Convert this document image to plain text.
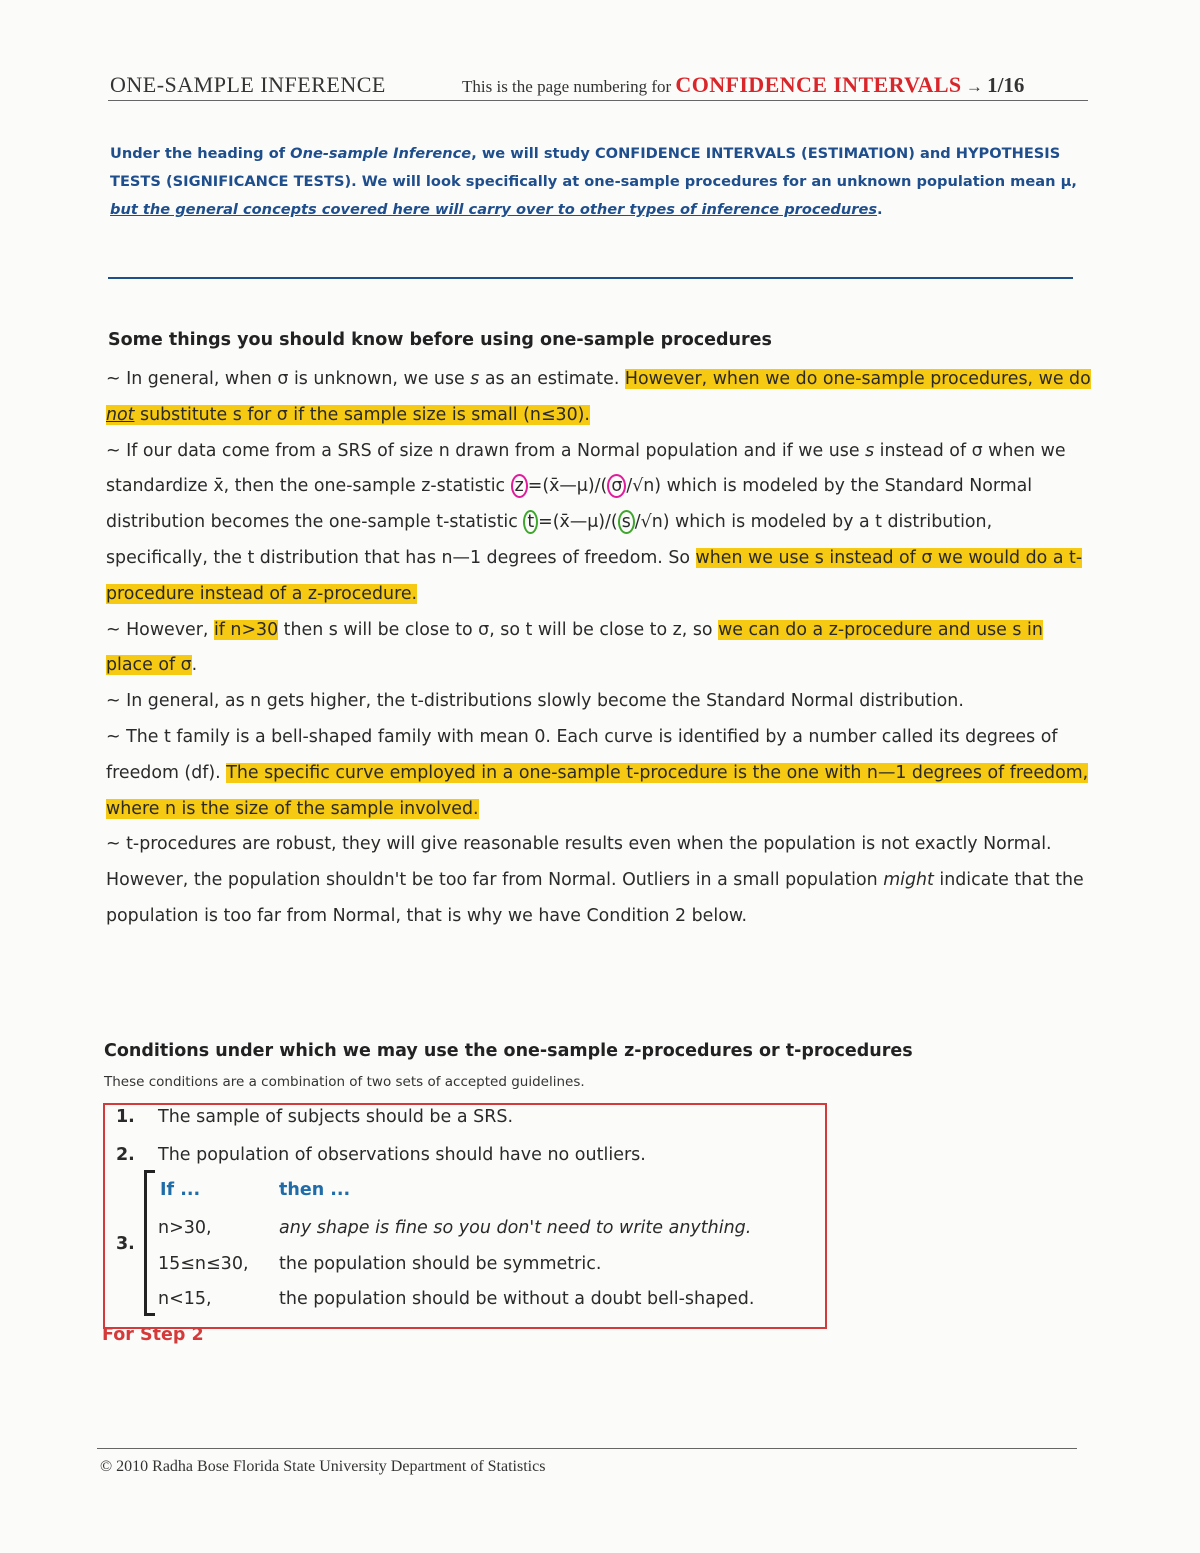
ONE-SAMPLE INFERENCE	This is the page numbering for CONFIDENCE INTERVALS → 1/16
Under the heading of One-sample Inference, we will study CONFIDENCE INTERVALS (ESTIMATION) and HYPOTHESIS TESTS (SIGNIFICANCE TESTS). We will look specifically at one-sample procedures for an unknown population mean μ, but the general concepts covered here will carry over to other types of inference procedures.
Some things you should know before using one-sample procedures

~ In general, when σ is unknown, we use s as an estimate. However, when we do one-sample procedures, we do not substitute s for σ if the sample size is small (n≤30).

~ If our data come from a SRS of size n drawn from a Normal population and if we use s instead of σ when we standardize x̄, then the one-sample z-statistic z =(x̄—μ)/( σ /√n) which is modeled by the Standard Normal distribution becomes the one-sample t-statistic t =(x̄—μ)/( s /√n) which is modeled by a t distribution, specifically, the t distribution that has n—1 degrees of freedom. So when we use s instead of σ we would do a t-procedure instead of a z-procedure.

~ However, if n>30 then s will be close to σ, so t will be close to z, so we can do a z-procedure and use s in place of σ.

~ In general, as n gets higher, the t-distributions slowly become the Standard Normal distribution.

~ The t family is a bell-shaped family with mean 0. Each curve is identified by a number called its degrees of freedom (df). The specific curve employed in a one-sample t-procedure is the one with n—1 degrees of freedom, where n is the size of the sample involved.

~ t-procedures are robust, they will give reasonable results even when the population is not exactly Normal. However, the population shouldn't be too far from Normal. Outliers in a small population might indicate that the population is too far from Normal, that is why we have Condition 2 below.

Conditions under which we may use the one-sample z-procedures or t-procedures
These conditions are a combination of two sets of accepted guidelines.
1. The sample of subjects should be a SRS.
2. The population of observations should have no outliers.
3.
If ...	then ...
n>30,	any shape is fine so you don't need to write anything.
15≤n≤30, the population should be symmetric.
n<15,	the population should be without a doubt bell-shaped.
For Step 2
© 2010 Radha Bose Florida State University Department of Statistics
